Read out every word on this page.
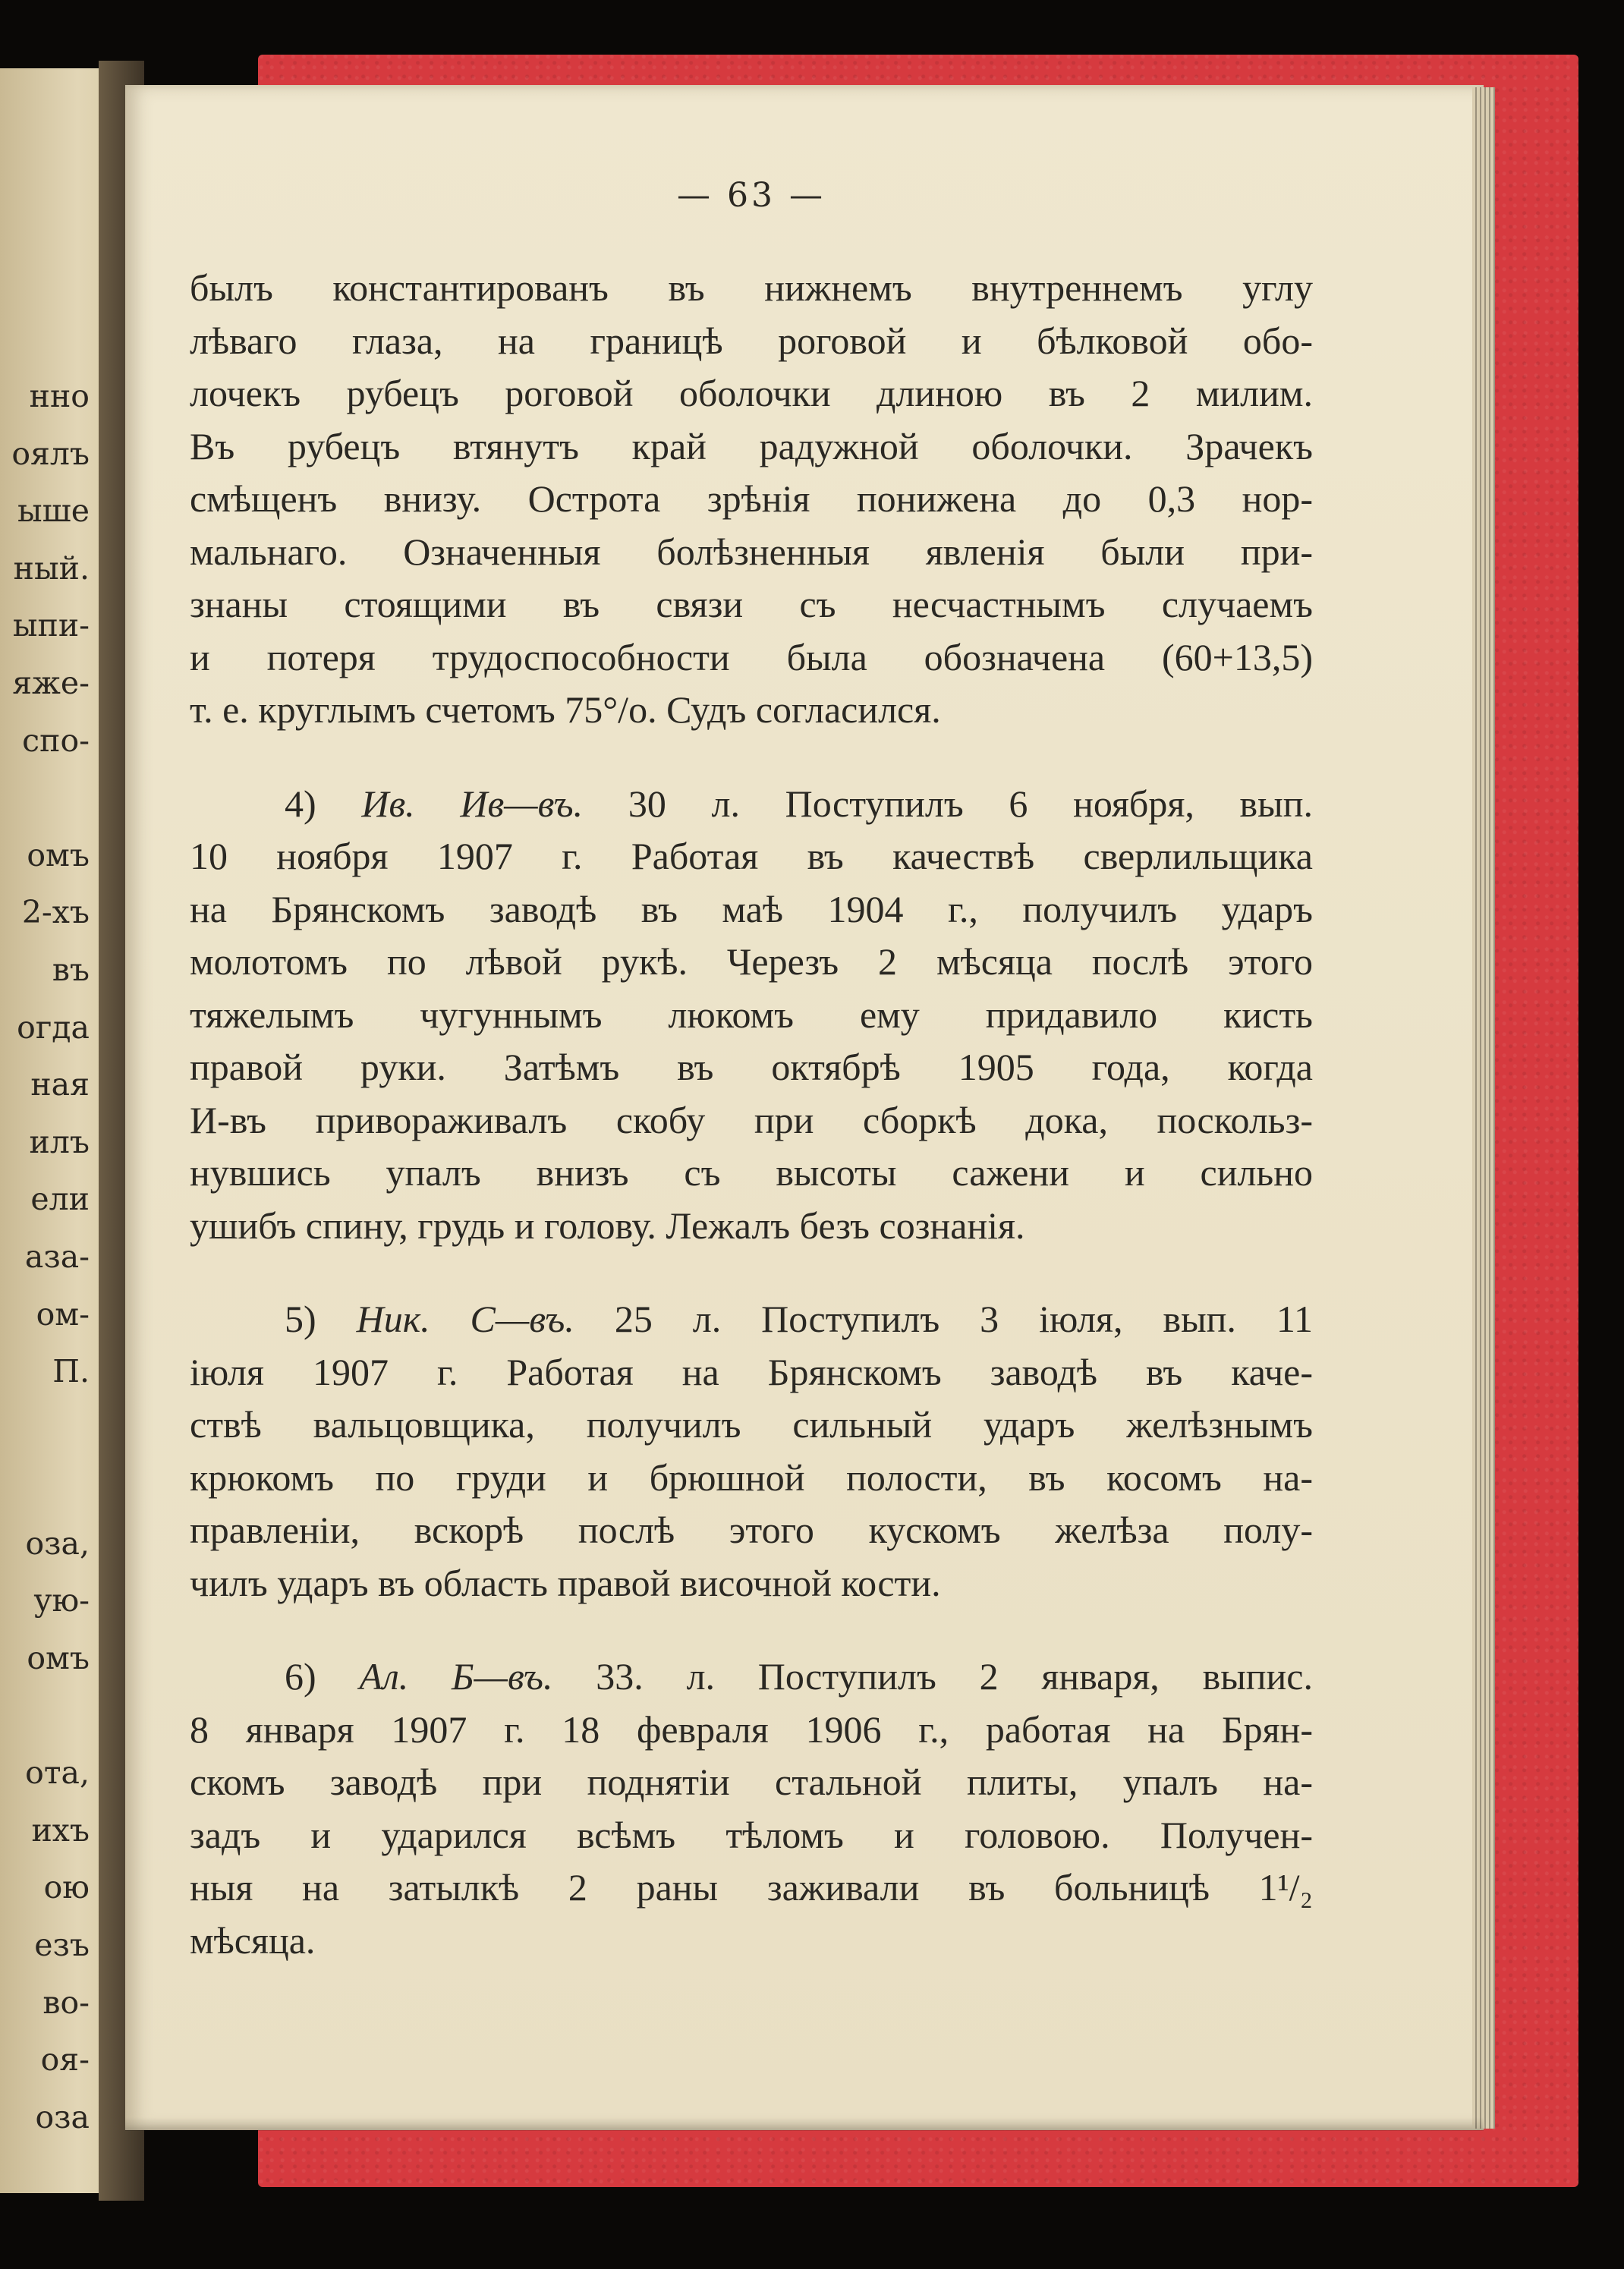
нно
оялъ
ыше
ный.
ыпи-
яже-
спо-
омъ
2-хъ
въ
огда
ная
илъ
ели
аза-
ом-
П.
оза,
ую-
омъ
ота,
ихъ
ою
езъ
во-
оя-
оза
— 63 —
былъ константированъ въ нижнемъ внутреннемъ углу
лѣваго глаза, на границѣ роговой и бѣлковой обо-
лочекъ рубецъ роговой оболочки длиною въ 2 милим.
Въ рубецъ втянутъ край радужной оболочки. Зрачекъ
смѣщенъ внизу. Острота зрѣнія понижена до 0,3 нор-
мальнаго. Означенныя болѣзненныя явленія были при-
знаны стоящими въ связи съ несчастнымъ случаемъ
и потеря трудоспособности была обозначена (60+13,5)
т. е. круглымъ счетомъ 75°/о. Судъ согласился.
4) Ив. Ив—въ. 30 л. Поступилъ 6 ноября, вып.
10 ноября 1907 г. Работая въ качествѣ сверлильщика
на Брянскомъ заводѣ въ маѣ 1904 г., получилъ ударъ
молотомъ по лѣвой рукѣ. Черезъ 2 мѣсяца послѣ этого
тяжелымъ чугуннымъ люкомъ ему придавило кисть
правой руки. Затѣмъ въ октябрѣ 1905 года, когда
И-въ привораживалъ скобу при сборкѣ дока, поскольз-
нувшись упалъ внизъ съ высоты сажени и сильно
ушибъ спину, грудь и голову. Лежалъ безъ сознанія.
5) Ник. С—въ. 25 л. Поступилъ 3 іюля, вып. 11
іюля 1907 г. Работая на Брянскомъ заводѣ въ каче-
ствѣ вальцовщика, получилъ сильный ударъ желѣзнымъ
крюкомъ по груди и брюшной полости, въ косомъ на-
правленіи, вскорѣ послѣ этого кускомъ желѣза полу-
чилъ ударъ въ область правой височной кости.
6) Ал. Б—въ. 33. л. Поступилъ 2 января, выпис.
8 января 1907 г. 18 февраля 1906 г., работая на Брян-
скомъ заводѣ при поднятіи стальной плиты, упалъ на-
задъ и ударился всѣмъ тѣломъ и головою. Получен-
ныя на затылкѣ 2 раны заживали въ больницѣ 1¹/₂
мѣсяца.
